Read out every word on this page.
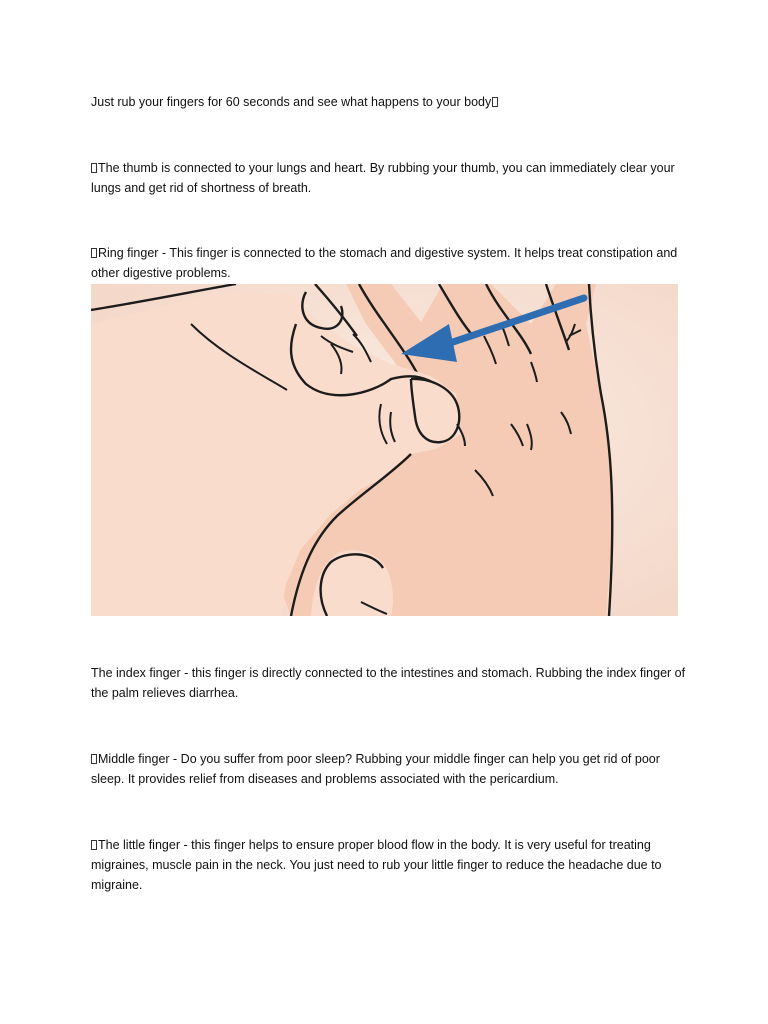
Just rub your fingers for 60 seconds and see what happens to your body

The thumb is connected to your lungs and heart. By rubbing your thumb, you can immediately clear your lungs and get rid of shortness of breath.

Ring finger - This finger is connected to the stomach and digestive system. It helps treat constipation and other digestive problems.

The index finger - this finger is directly connected to the intestines and stomach. Rubbing the index finger of the palm relieves diarrhea.

Middle finger - Do you suffer from poor sleep? Rubbing your middle finger can help you get rid of poor sleep. It provides relief from diseases and problems associated with the pericardium.

The little finger - this finger helps to ensure proper blood flow in the body. It is very useful for treating migraines, muscle pain in the neck. You just need to rub your little finger to reduce the headache due to migraine.
